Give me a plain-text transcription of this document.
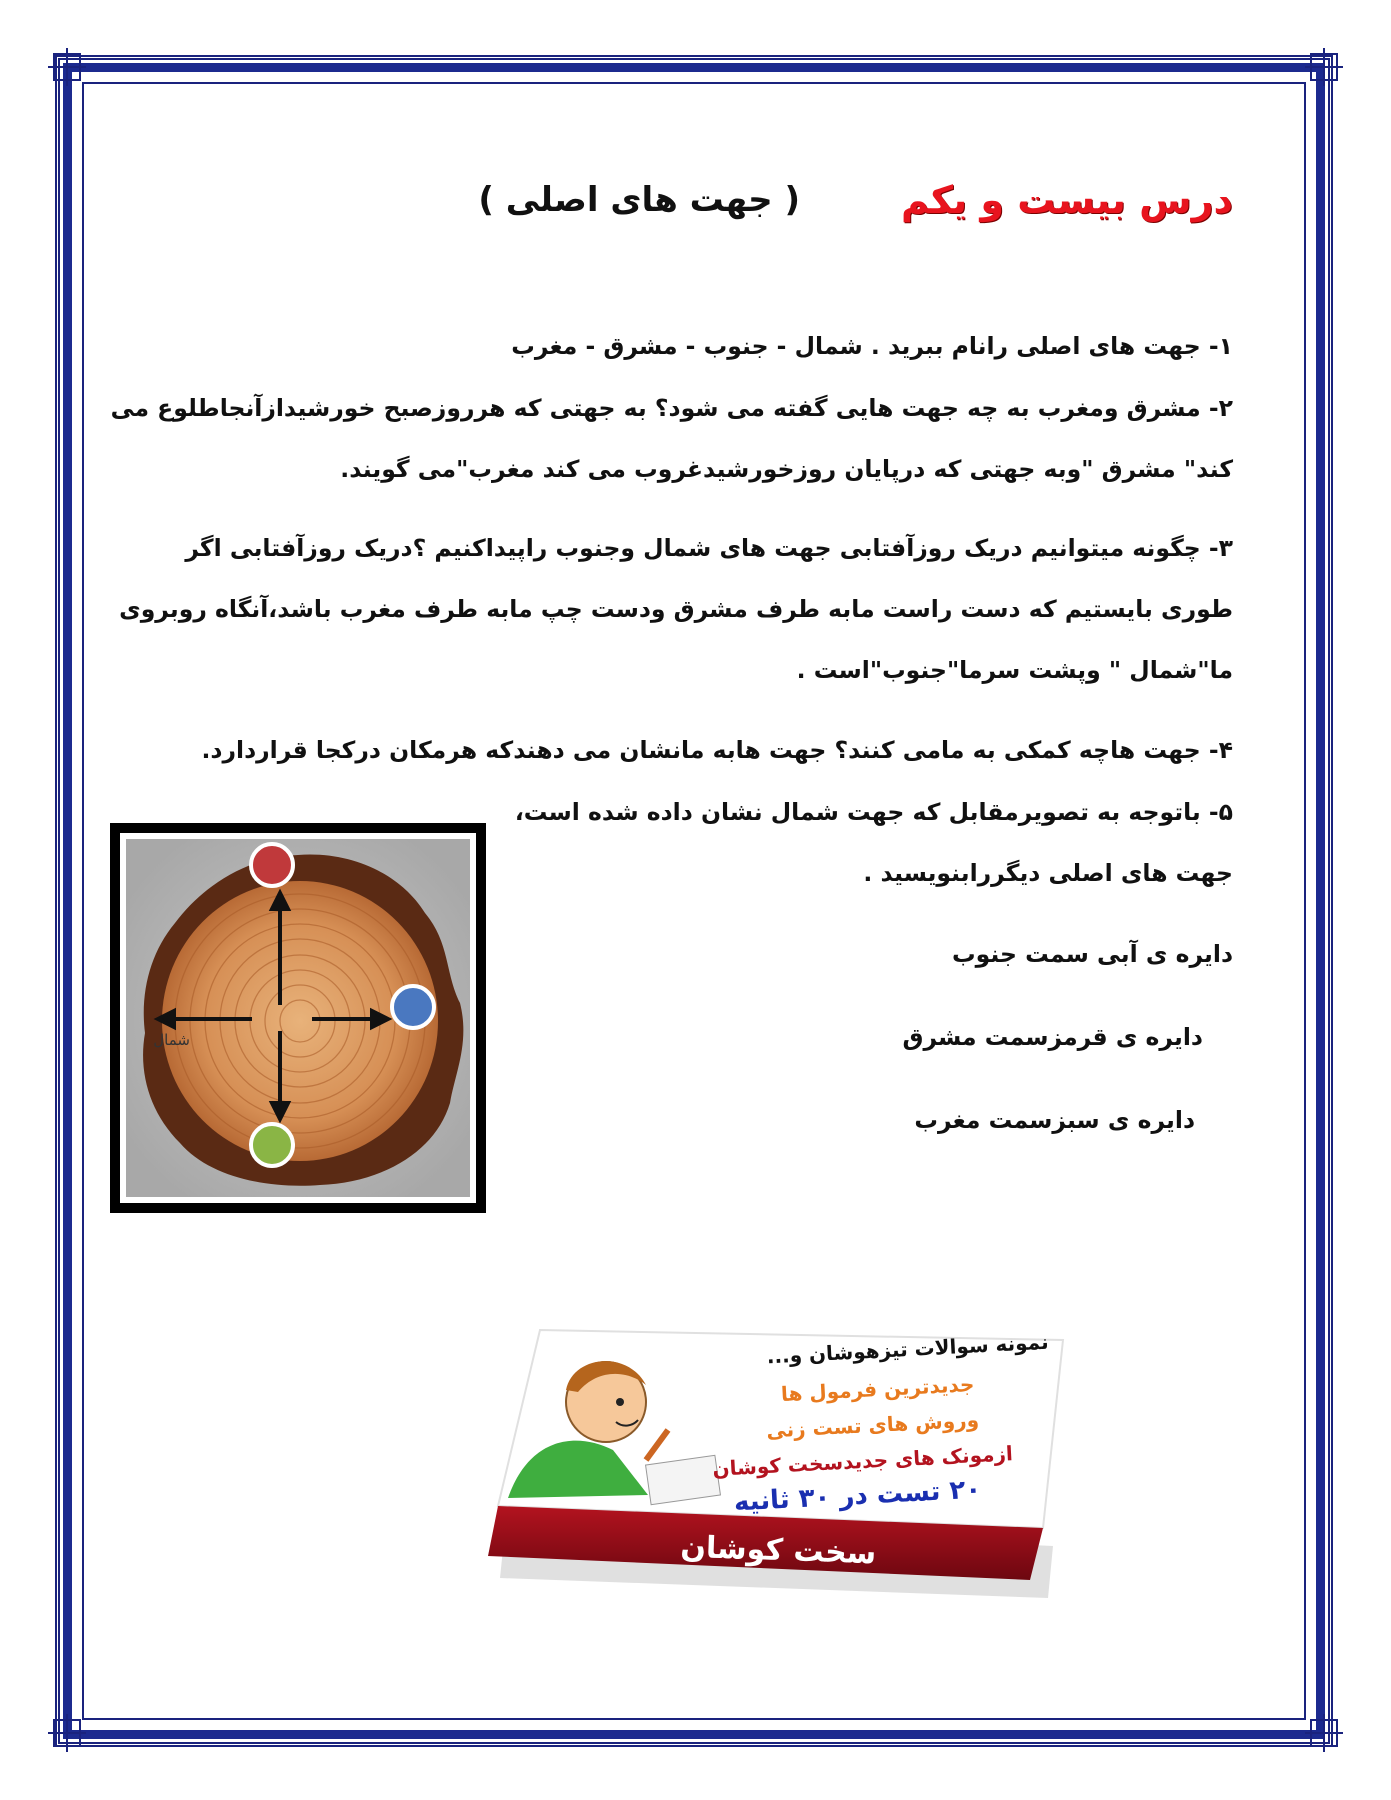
درس بیست و یکم
( جهت های اصلی )
۱- جهت های اصلی رانام ببرید . شمال - جنوب - مشرق - مغرب
۲- مشرق ومغرب به چه جهت هایی گفته می شود؟ به جهتی که هرروزصبح خورشیدازآنجاطلوع می
کند" مشرق "وبه جهتی که درپایان روزخورشیدغروب می کند مغرب"می گویند.
۳- چگونه میتوانیم دریک روزآفتابی جهت های شمال وجنوب راپیداکنیم ؟دریک روزآفتابی اگر
طوری بایستیم که دست راست مابه طرف مشرق ودست چپ مابه طرف مغرب باشد،آنگاه روبروی
ما"شمال " وپشت سرما"جنوب"است .
۴- جهت هاچه کمکی به مامی کنند؟ جهت هابه مانشان می دهندکه هرمکان درکجا قراردارد.
۵- باتوجه به تصویرمقابل که جهت شمال نشان داده شده است،
جهت های اصلی دیگررابنویسید .
دایره ی آبی سمت جنوب
دایره ی قرمزسمت مشرق
دایره ی سبزسمت مغرب
شمال
سخت کوشان
نمونه سوالات تیزهوشان و...
جدیدترین فرمول ها
وروش های تست زنی
ازمونک های جدیدسخت کوشان
۲۰ تست در ۳۰ ثانیه
